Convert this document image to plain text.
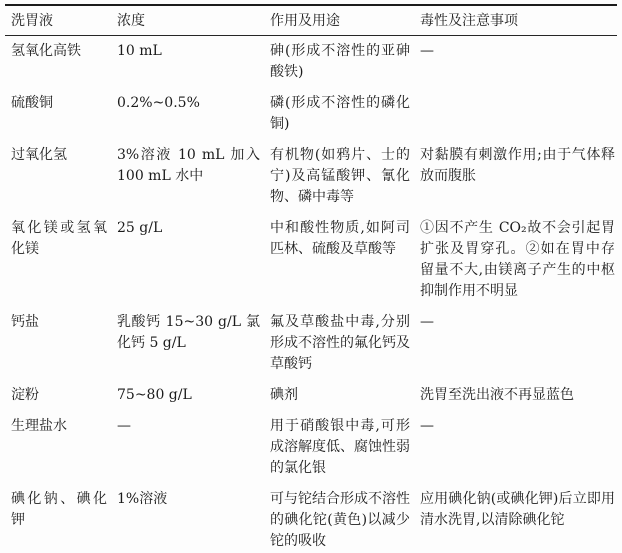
洗胃液	浓度	作用及用途	毒性及注意事项
氢氧化高铁	10 mL	砷(形成不溶性的亚砷酸铁)	—
硫酸铜	0.2%~0.5%	磷(形成不溶性的磷化铜)	
过氧化氢	3%溶液 10 mL 加入 100 mL 水中	有机物(如鸦片、士的宁)及高锰酸钾、氰化物、磷中毒等	对黏膜有刺激作用;由于气体释放而腹胀
氧化镁或氢氧化镁	25 g/L	中和酸性物质,如阿司匹林、硫酸及草酸等	①因不产生 CO₂故不会引起胃扩张及胃穿孔。②如在胃中存留量不大,由镁离子产生的中枢抑制作用不明显
钙盐	乳酸钙 15~30 g/L 氯化钙 5 g/L	氟及草酸盐中毒,分别形成不溶性的氟化钙及草酸钙	—
淀粉	75~80 g/L	碘剂	洗胃至洗出液不再显蓝色
生理盐水	—	用于硝酸银中毒,可形成溶解度低、腐蚀性弱的氯化银	—
碘化钠、碘化钾	1%溶液	可与铊结合形成不溶性的碘化铊(黄色)以减少铊的吸收	应用碘化钠(或碘化钾)后立即用清水洗胃,以清除碘化铊
